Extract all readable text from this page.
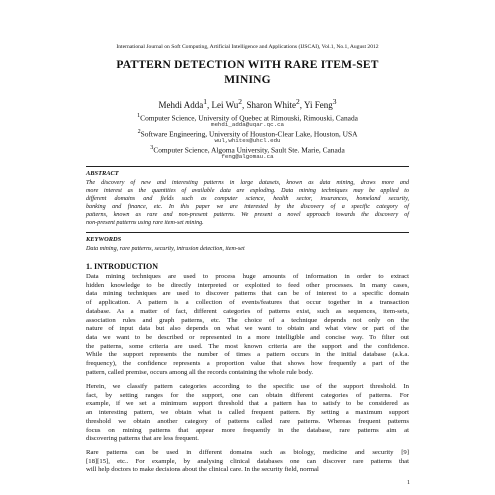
International Journal on Soft Computing, Artificial Intelligence and Applications (IJSCAI), Vol.1, No.1, August 2012
PATTERN DETECTION WITH RARE ITEM-SET
MINING
Mehdi Adda$^1$, Lei Wu$^2$, Sharon White$^2$, Yi Feng$^3$
$^1$Computer Science, University of Quebec at Rimouski, Rimouski, Canada
mehdi_adda@uqar.qc.ca
$^2$Software Engineering, University of Houston-Clear Lake, Houston, USA
wul,whites@uhcl.edu
$^3$Computer Science, Algoma University, Sault Ste. Marie, Canada
feng@algomau.ca
ABSTRACT
The discovery of new and interesting patterns in large datasets, known as data mining, draws more and
more interest as the quantities of available data are exploding. Data mining techniques may be applied to
different domains and fields such as computer science, health sector, insurances, homeland security,
banking and finance, etc. In this paper we are interested by the discovery of a specific category of
patterns, known as rare and non-present patterns. We present a novel approach towards the discovery of
non-present patterns using rare item-set mining.
KEYWORDS
Data mining, rare patterns, security, intrusion detection, item-set
1. INTRODUCTION
Data mining techniques are used to process huge amounts of information in order to extract
hidden knowledge to be directly interpreted or exploited to feed other processes. In many cases,
data mining techniques are used to discover patterns that can be of interest to a specific domain
of application. A pattern is a collection of events/features that occur together in a transaction
database. As a matter of fact, different categories of patterns exist, such as sequences, item-sets,
association rules and graph patterns, etc. The choice of a technique depends not only on the
nature of input data but also depends on what we want to obtain and what view or part of the
data we want to be described or represented in a more intelligible and concise way. To filter out
the patterns, some criteria are used. The most known criteria are the support and the confidence.
While the support represents the number of times a pattern occurs in the initial database (a.k.a.
frequency), the confidence represents a proportion value that shows how frequently a part of the
pattern, called premise, occurs among all the records containing the whole rule body.
Herein, we classify pattern categories according to the specific use of the support threshold. In
fact, by setting ranges for the support, one can obtain different categories of patterns. For
example, if we set a minimum support threshold that a pattern has to satisfy to be considered as
an interesting pattern, we obtain what is called frequent pattern. By setting a maximum support
threshold we obtain another category of patterns called rare patterns. Whereas frequent patterns
focus on mining patterns that appear more frequently in the database, rare patterns aim at
discovering patterns that are less frequent.
Rare patterns can be used in different domains such as biology, medicine and security [9]
[18][15], etc.. For example, by analysing clinical databases one can discover rare patterns that
will help doctors to make decisions about the clinical care. In the security field, normal
1
